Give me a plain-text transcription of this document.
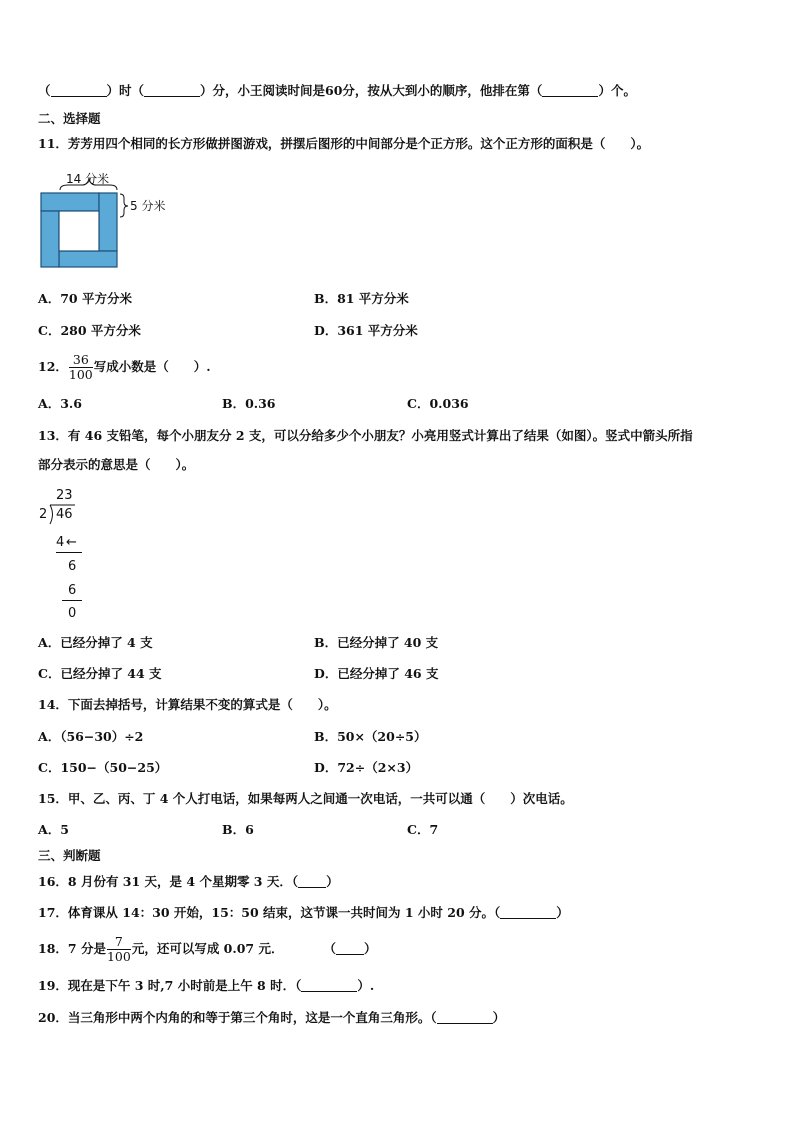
（	）时（	）分，小王阅读时间是60分，按从大到小的顺序，他排在第（	）个。
二、选择题
11．芳芳用四个相同的长方形做拼图游戏，拼摆后图形的中间部分是个正方形。这个正方形的面积是（　　）。
14 分米
5 分米
A．70 平方分米	B．81 平方分米
C．280 平方分米	D．361 平方分米
12． $\frac{36}{100}$ 写成小数是（　　）.
A．3.6	B．0.36	C．0.036
13．有 46 支铅笔，每个小朋友分 2 支，可以分给多少个小朋友？小亮用竖式计算出了结果（如图）。竖式中箭头所指
部分表示的意思是（　　）。
23
2 46
4 ←
6
6
0
A．已经分掉了 4 支	B．已经分掉了 40 支
C．已经分掉了 44 支	D．已经分掉了 46 支
14．下面去掉括号，计算结果不变的算式是（　　）。
A．（56−30）÷2	B．50×（20÷5）
C．150−（50−25）	D．72÷（2×3）
15．甲、乙、丙、丁 4 个人打电话，如果每两人之间通一次电话，一共可以通（　　）次电话。
A．5	B．6	C．7
三、判断题
16．8 月份有 31 天，是 4 个星期零 3 天．（ ）
17．体育课从 14：30 开始，15：50 结束，这节课一共时间为 1 小时 20 分。（	）
18．7 分是 $\frac{7}{100}$ 元，还可以写成 0.07 元．	（ ）
19．现在是下午 3 时,7 小时前是上午 8 时．（	）.
20．当三角形中两个内角的和等于第三个角时，这是一个直角三角形。（	）
